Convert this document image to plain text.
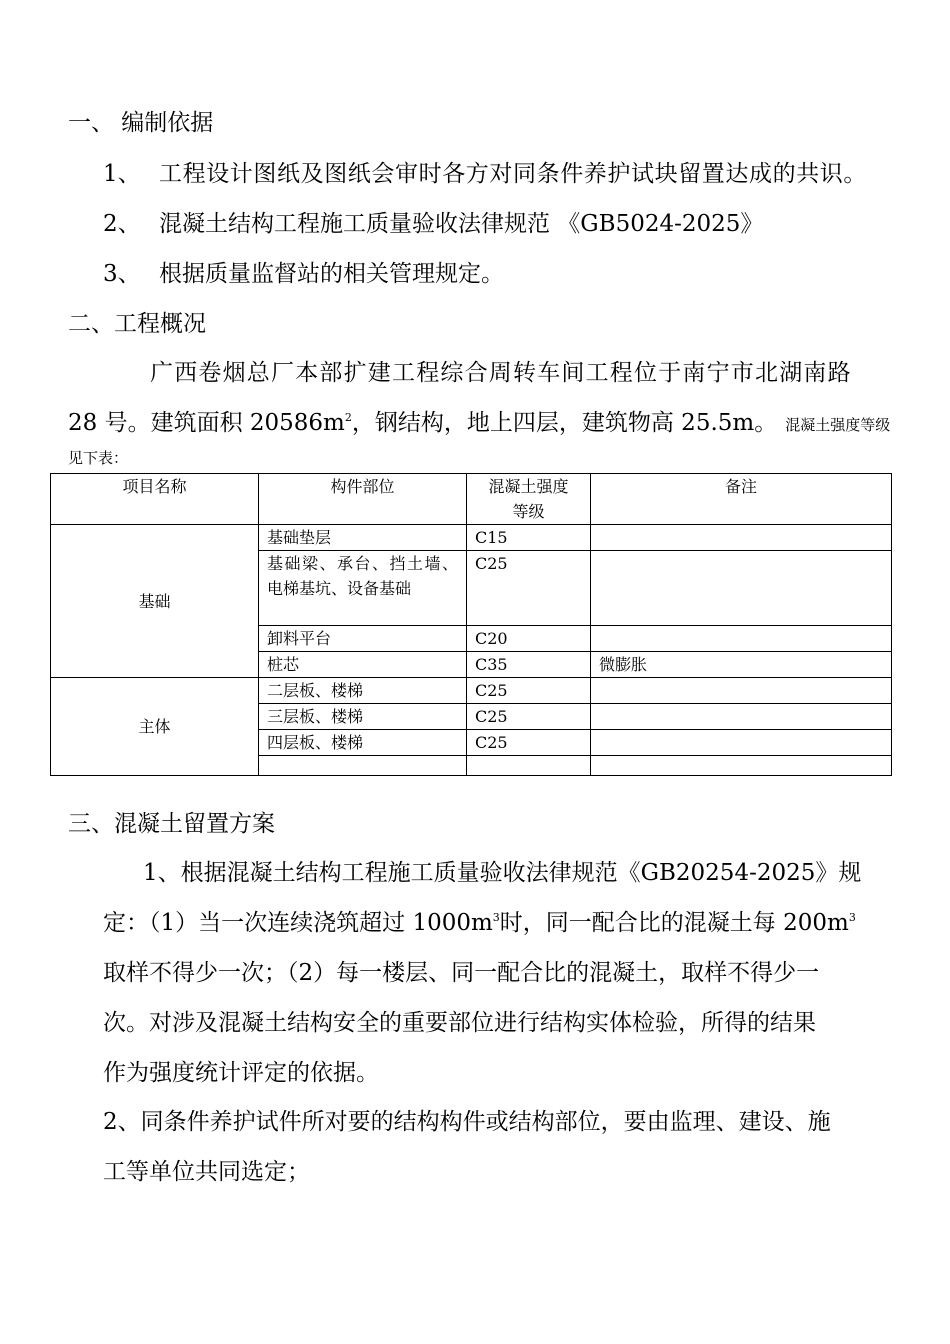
一、 编制依据
1、 工程设计图纸及图纸会审时各方对同条件养护试块留置达成的共识。
2、 混凝土结构工程施工质量验收法律规范 《GB5024-2025》
3、 根据质量监督站的相关管理规定。
二、工程概况
广西卷烟总厂本部扩建工程综合周转车间工程位于南宁市北湖南路
28 号。建筑面积 $20586m^2$，钢结构，地上四层，建筑物高 25.5m。 混凝土强度等级
见下表：
项目名称	构件部位	混凝土强度等级	备注
基础	基础垫层	C15	
	基础梁、承台、挡土墙、电梯基坑、设备基础	C25	
	卸料平台	C20	
	桩芯	C35	微膨胀
主体	二层板、楼梯	C25	
	三层板、楼梯	C25	
	四层板、楼梯	C25	

三、混凝土留置方案
1、根据混凝土结构工程施工质量验收法律规范《GB20254-2025》规
定：（1）当一次连续浇筑超过 $1000m^3$时，同一配合比的混凝土每 $200m^3$
取样不得少一次；（2）每一楼层、同一配合比的混凝土，取样不得少一
次。对涉及混凝土结构安全的重要部位进行结构实体检验，所得的结果
作为强度统计评定的依据。
2、同条件养护试件所对要的结构构件或结构部位，要由监理、建设、施
工等单位共同选定；
